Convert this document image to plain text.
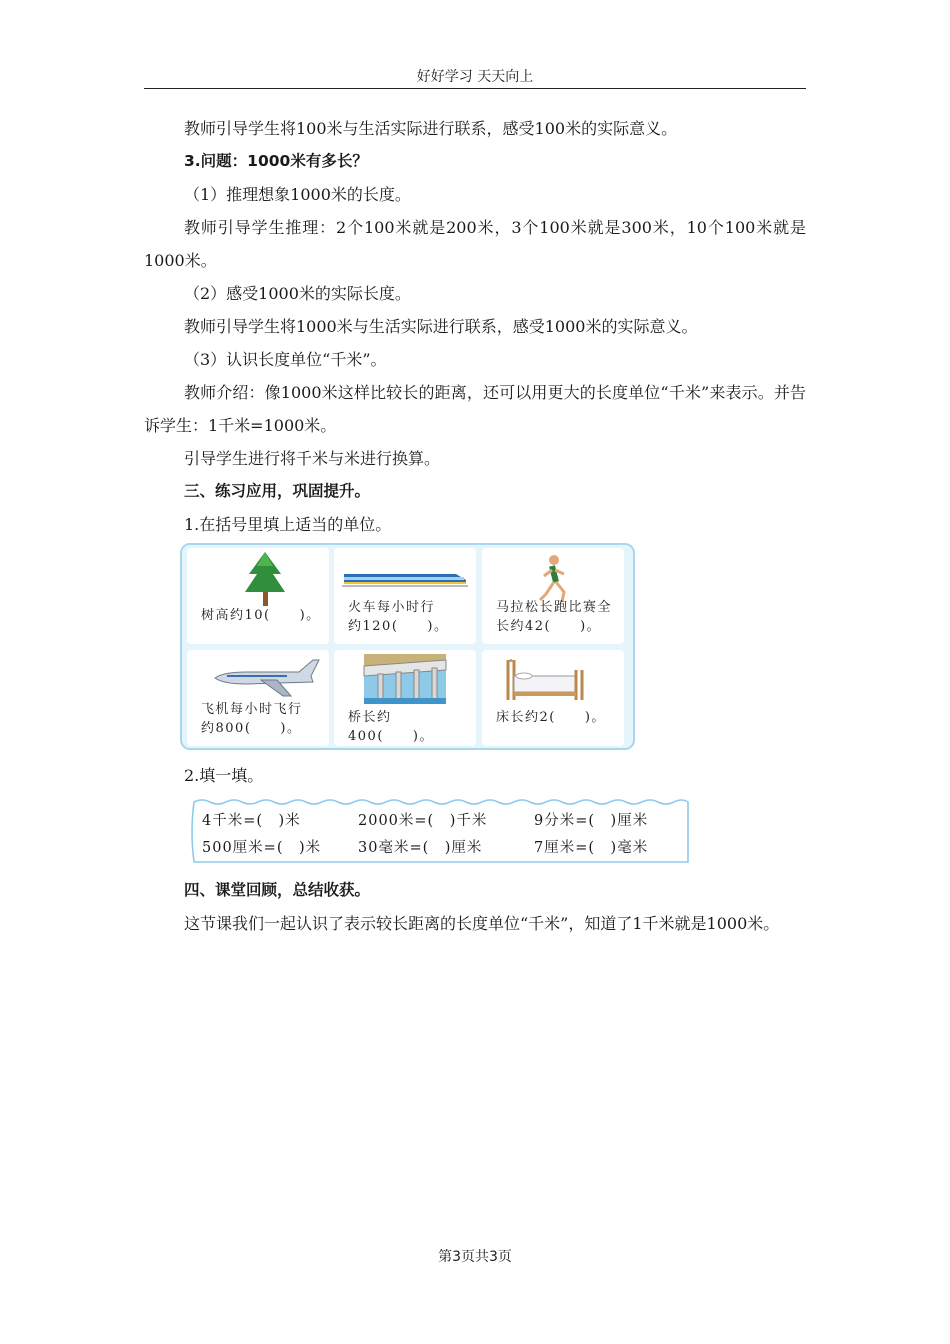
好好学习 天天向上

教师引导学生将100米与生活实际进行联系，感受100米的实际意义。

3.问题：1000米有多长？

（1）推理想象1000米的长度。

教师引导学生推理：2个100米就是200米，3个100米就是300米，10个100米就是1000米。

（2）感受1000米的实际长度。

教师引导学生将1000米与生活实际进行联系，感受1000米的实际意义。

（3）认识长度单位“千米”。

教师介绍：像1000米这样比较长的距离，还可以用更大的长度单位“千米”来表示。并告诉学生：1千米=1000米。

引导学生进行将千米与米进行换算。

三、练习应用，巩固提升。

1.在括号里填上适当的单位。

树高约10(　　)。
火车每小时行
约120(　　)。
马拉松长跑比赛全
长约42(　　)。
飞机每小时飞行
约800(　　)。
桥长约400(　　)。
床长约2(　　)。

2.填一填。

4千米=(　)米	2000米=(　)千米	9分米=(　)厘米
500厘米=(　)米	30毫米=(　)厘米	7厘米=(　)毫米

四、课堂回顾，总结收获。

这节课我们一起认识了表示较长距离的长度单位“千米”，知道了1千米就是1000米。

第3页共3页
